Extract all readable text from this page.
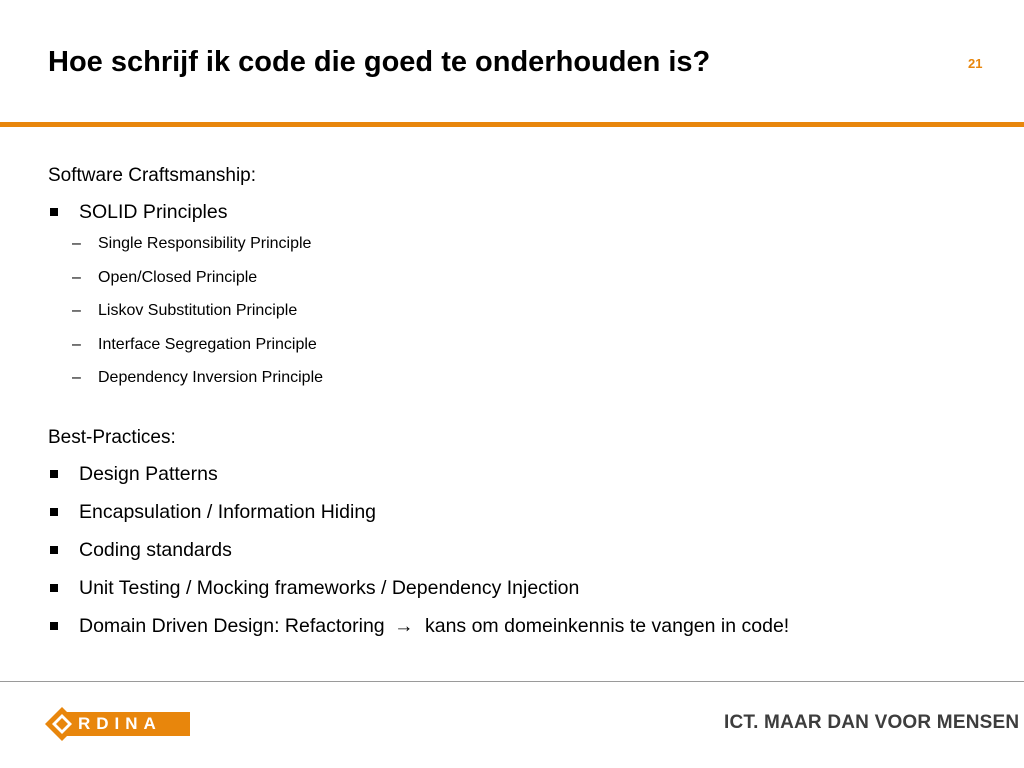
Hoe schrijf ik code die goed te onderhouden is?	21
Software Craftsmanship:
SOLID Principles
– Single Responsibility Principle
– Open/Closed Principle
– Liskov Substitution Principle
– Interface Segregation Principle
– Dependency Inversion Principle
Best-Practices:
Design Patterns
Encapsulation / Information Hiding
Coding standards
Unit Testing / Mocking frameworks / Dependency Injection
Domain Driven Design: Refactoring → kans om domeinkennis te vangen in code!
RDINA	ICT. MAAR DAN VOOR MENSEN
